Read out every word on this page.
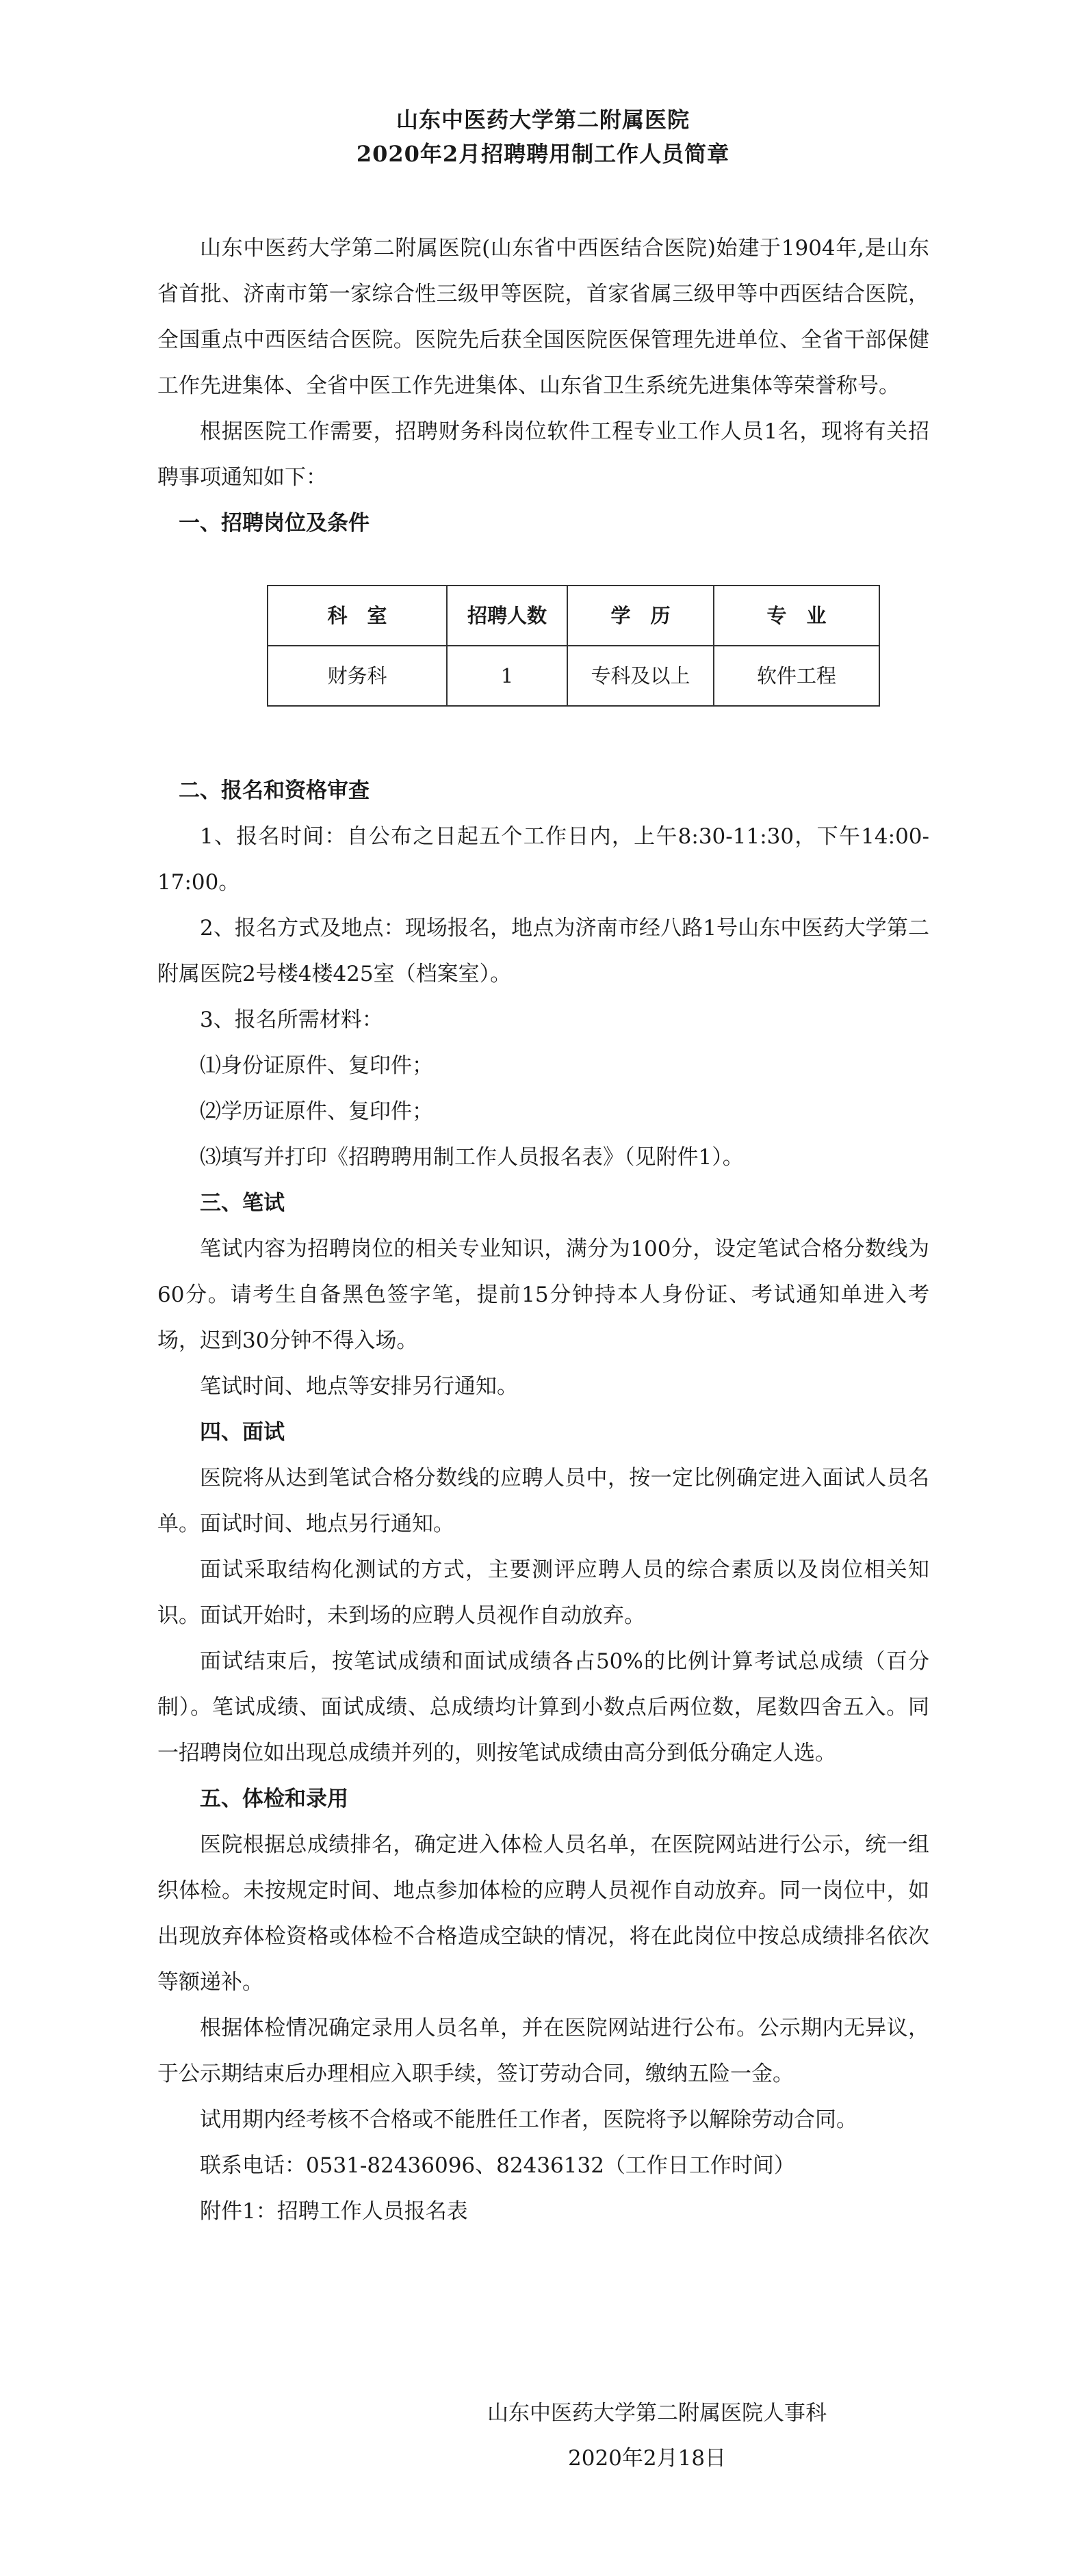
山东中医药大学第二附属医院
2020年2月招聘聘用制工作人员简章

山东中医药大学第二附属医院(山东省中西医结合医院)始建于1904年,是山东省首批、济南市第一家综合性三级甲等医院，首家省属三级甲等中西医结合医院，全国重点中西医结合医院。医院先后获全国医院医保管理先进单位、全省干部保健工作先进集体、全省中医工作先进集体、山东省卫生系统先进集体等荣誉称号。

根据医院工作需要，招聘财务科岗位软件工程专业工作人员1名，现将有关招聘事项通知如下：

一、招聘岗位及条件
科　室	招聘人数	学　历	专　业
财务科	1	专科及以上	软件工程
二、报名和资格审查

1、报名时间：自公布之日起五个工作日内，上午8:30-11:30，下午14:00-17:00。

2、报名方式及地点：现场报名，地点为济南市经八路1号山东中医药大学第二附属医院2号楼4楼425室（档案室）。

3、报名所需材料：

⑴身份证原件、复印件；

⑵学历证原件、复印件；

⑶填写并打印《招聘聘用制工作人员报名表》（见附件1）。

三、笔试

笔试内容为招聘岗位的相关专业知识，满分为100分，设定笔试合格分数线为60分。请考生自备黑色签字笔，提前15分钟持本人身份证、考试通知单进入考场，迟到30分钟不得入场。

笔试时间、地点等安排另行通知。

四、面试

医院将从达到笔试合格分数线的应聘人员中，按一定比例确定进入面试人员名单。面试时间、地点另行通知。

面试采取结构化测试的方式，主要测评应聘人员的综合素质以及岗位相关知识。面试开始时，未到场的应聘人员视作自动放弃。

面试结束后，按笔试成绩和面试成绩各占50%的比例计算考试总成绩（百分制）。笔试成绩、面试成绩、总成绩均计算到小数点后两位数，尾数四舍五入。同一招聘岗位如出现总成绩并列的，则按笔试成绩由高分到低分确定人选。

五、体检和录用

医院根据总成绩排名，确定进入体检人员名单，在医院网站进行公示，统一组织体检。未按规定时间、地点参加体检的应聘人员视作自动放弃。同一岗位中，如出现放弃体检资格或体检不合格造成空缺的情况，将在此岗位中按总成绩排名依次等额递补。

根据体检情况确定录用人员名单，并在医院网站进行公布。公示期内无异议，于公示期结束后办理相应入职手续，签订劳动合同，缴纳五险一金。

试用期内经考核不合格或不能胜任工作者，医院将予以解除劳动合同。

联系电话：0531-82436096、82436132（工作日工作时间）

附件1：招聘工作人员报名表

山东中医药大学第二附属医院人事科
2020年2月18日
